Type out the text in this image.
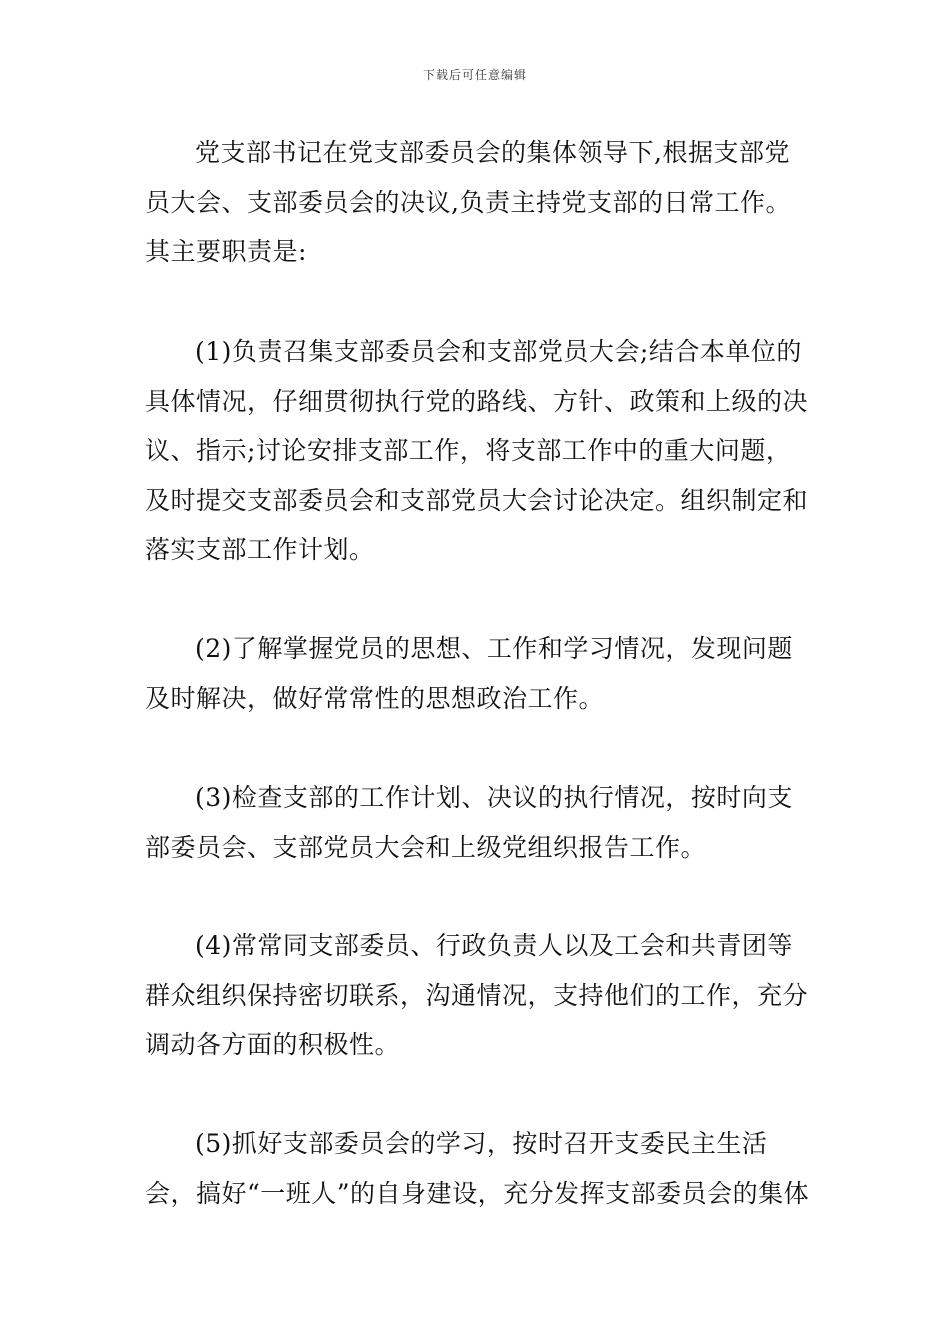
下载后可任意编辑

党支部书记在党支部委员会的集体领导下,根据支部党员大会、支部委员会的决议,负责主持党支部的日常工作。其主要职责是:

(1)负责召集支部委员会和支部党员大会;结合本单位的具体情况，仔细贯彻执行党的路线、方针、政策和上级的决议、指示;讨论安排支部工作，将支部工作中的重大问题，及时提交支部委员会和支部党员大会讨论决定。组织制定和落实支部工作计划。

(2)了解掌握党员的思想、工作和学习情况，发现问题及时解决，做好常常性的思想政治工作。

(3)检查支部的工作计划、决议的执行情况，按时向支部委员会、支部党员大会和上级党组织报告工作。

(4)常常同支部委员、行政负责人以及工会和共青团等群众组织保持密切联系，沟通情况，支持他们的工作，充分调动各方面的积极性。

(5)抓好支部委员会的学习，按时召开支委民主生活会，搞好“一班人”的自身建设，充分发挥支部委员会的集体
